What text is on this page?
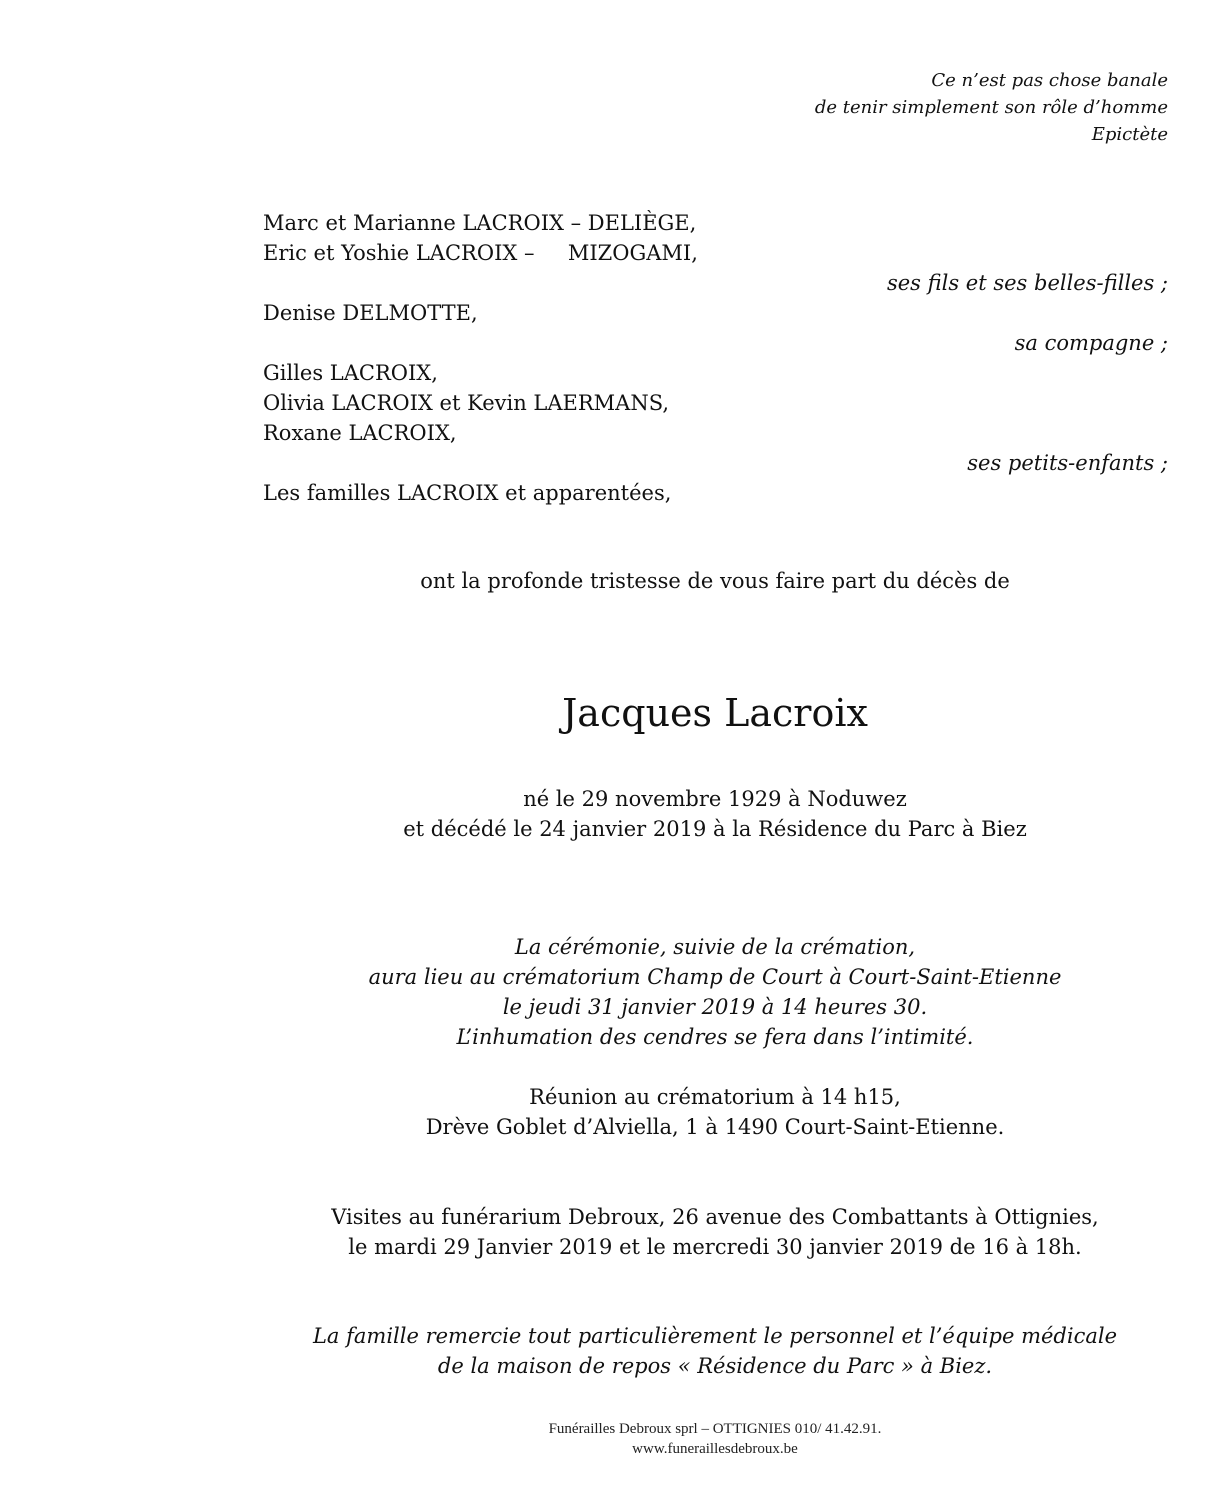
Ce n’est pas chose banale
de tenir simplement son rôle d’homme
Epictète
Marc et Marianne LACROIX – DELIÈGE,
Eric et Yoshie LACROIX –     MIZOGAMI,
ses fils et ses belles-filles ;
Denise DELMOTTE,
sa compagne ;
Gilles LACROIX,
Olivia LACROIX et Kevin LAERMANS,
Roxane LACROIX,
ses petits-enfants ;
Les familles LACROIX et apparentées,
ont la profonde tristesse de vous faire part du décès de
Jacques Lacroix
né le 29 novembre 1929 à Noduwez
et décédé le 24 janvier 2019 à la Résidence du Parc à Biez
La cérémonie, suivie de la crémation,
aura lieu au crématorium Champ de Court à Court-Saint-Etienne
le jeudi 31 janvier 2019 à 14 heures 30.
L’inhumation des cendres se fera dans l’intimité.
Réunion au crématorium à 14 h15,
Drève Goblet d’Alviella, 1 à 1490 Court-Saint-Etienne.
Visites au funérarium Debroux, 26 avenue des Combattants à Ottignies,
le mardi 29 Janvier 2019 et le mercredi 30 janvier 2019 de 16 à 18h.
La famille remercie tout particulièrement le personnel et l’équipe médicale
de la maison de repos « Résidence du Parc » à Biez.
Funérailles Debroux sprl – OTTIGNIES 010/ 41.42.91.
www.funeraillesdebroux.be
